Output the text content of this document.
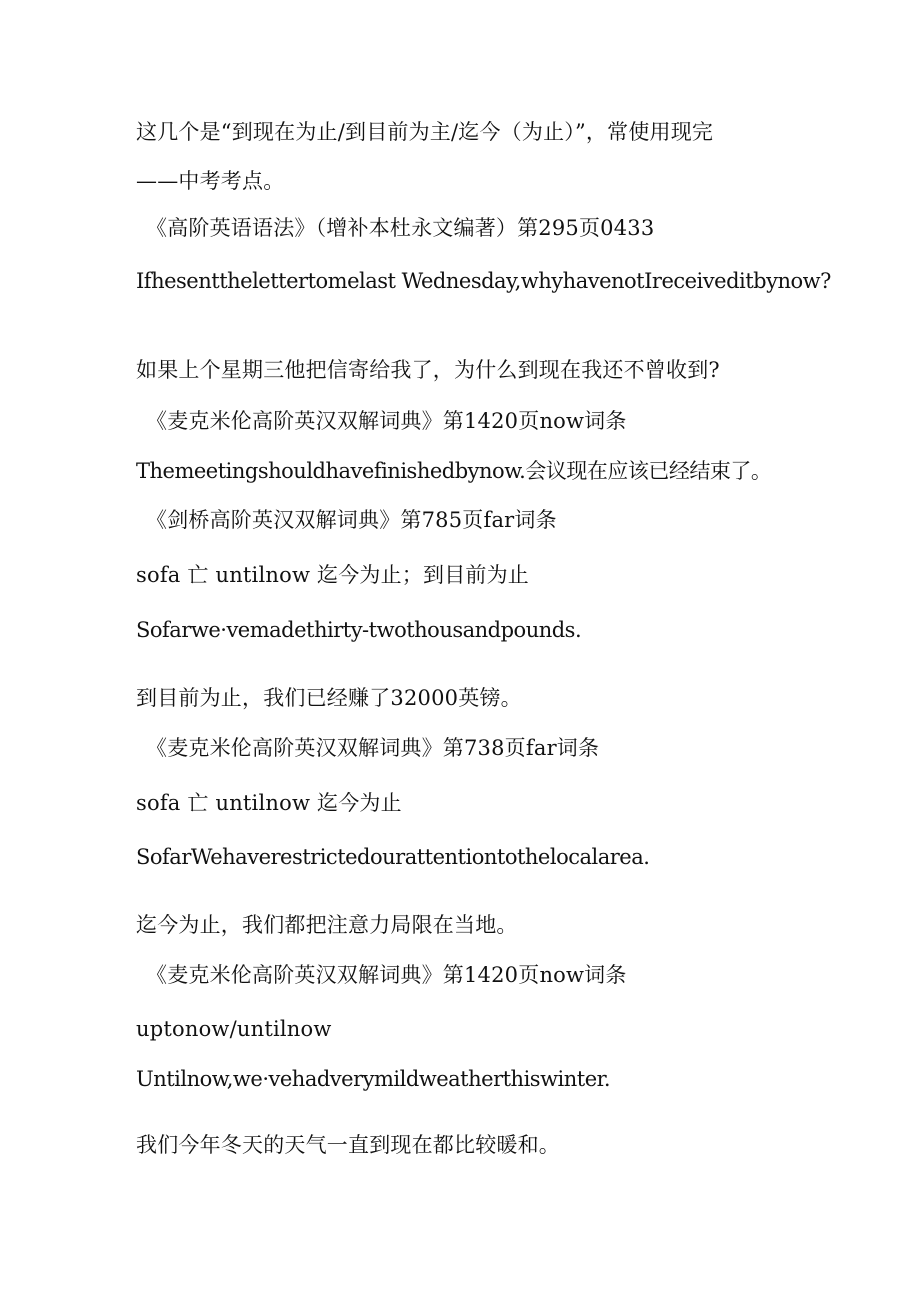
这几个是“到现在为止/到目前为主/迄今（为止）”，常使用现完
——中考考点。
《高阶英语语法》（增补本杜永文编著）第295页0433
Ifhesentthelettertomelast Wednesday,whyhavenotIreceiveditbynow?
如果上个星期三他把信寄给我了，为什么到现在我还不曾收到?
《麦克米伦高阶英汉双解词典》第1420页now词条
Themeetingshouldhavefinishedbynow.会议现在应该已经结束了。
《剑桥高阶英汉双解词典》第785页far词条
sofa 亡 untilnow 迄今为止；到目前为止
Sofarwe·vemadethirty-twothousandpounds.
到目前为止，我们已经赚了32000英镑。
《麦克米伦高阶英汉双解词典》第738页far词条
sofa 亡 untilnow 迄今为止
SofarWehaverestrictedourattentiontothelocalarea.
迄今为止，我们都把注意力局限在当地。
《麦克米伦高阶英汉双解词典》第1420页now词条
uptonow/untilnow
Untilnow,we·vehadverymildweatherthiswinter.
我们今年冬天的天气一直到现在都比较暖和。
